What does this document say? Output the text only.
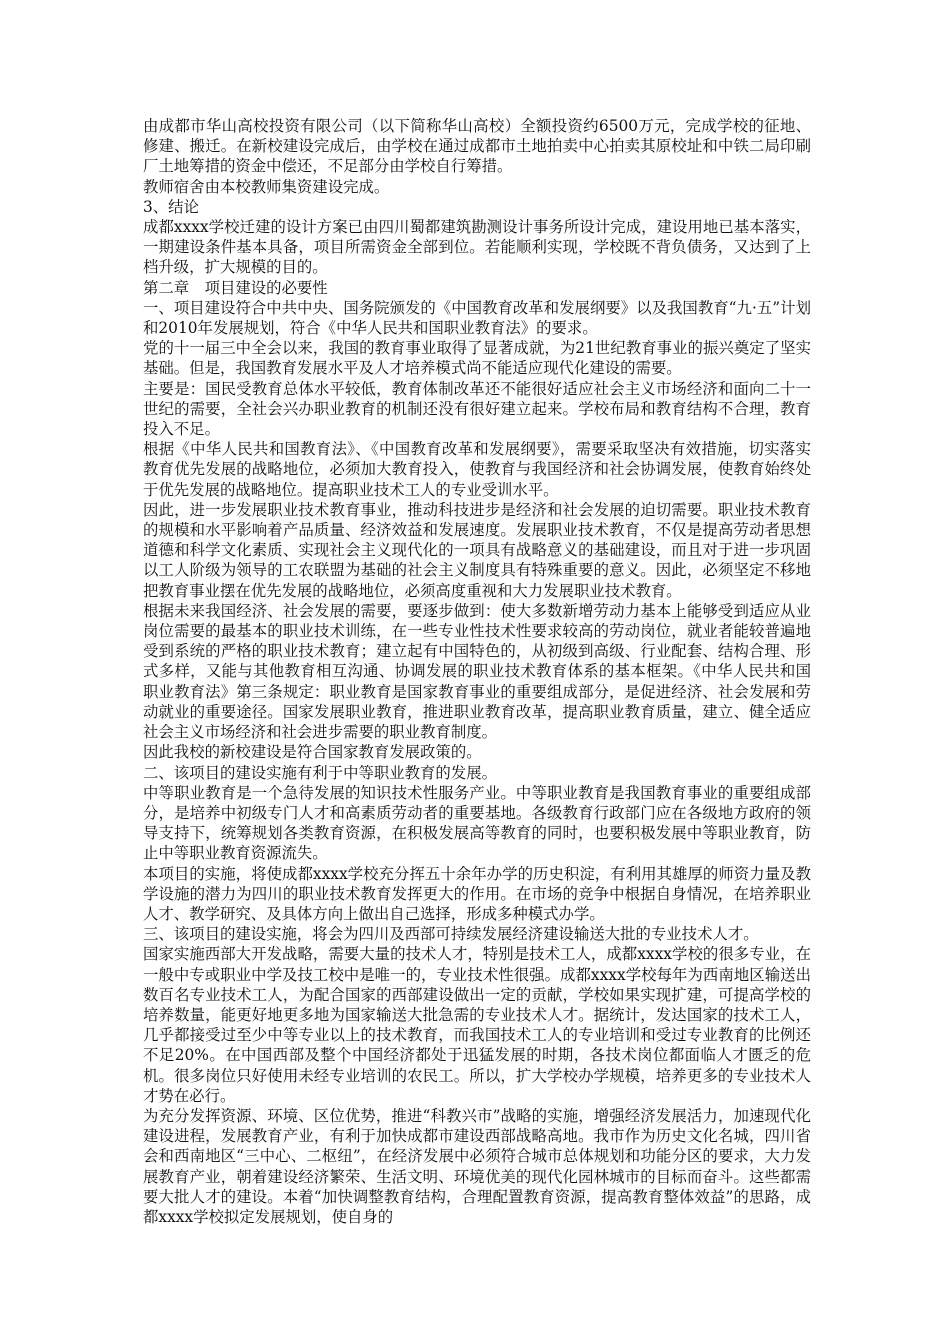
由成都市华山高校投资有限公司（以下简称华山高校）全额投资约6500万元，完成学校的征地、修建、搬迁。在新校建设完成后，由学校在通过成都市土地拍卖中心拍卖其原校址和中铁二局印刷厂土地筹措的资金中偿还，不足部分由学校自行筹措。

教师宿舍由本校教师集资建设完成。

3、结论

成都xxxx学校迁建的设计方案已由四川蜀都建筑勘测设计事务所设计完成，建设用地已基本落实，一期建设条件基本具备，项目所需资金全部到位。若能顺利实现，学校既不背负债务，又达到了上档升级，扩大规模的目的。

第二章　项目建设的必要性

一、项目建设符合中共中央、国务院颁发的《中国教育改革和发展纲要》以及我国教育“九·五”计划和2010年发展规划，符合《中华人民共和国职业教育法》的要求。

党的十一届三中全会以来，我国的教育事业取得了显著成就，为21世纪教育事业的振兴奠定了坚实基础。但是，我国教育发展水平及人才培养模式尚不能适应现代化建设的需要。

主要是：国民受教育总体水平较低，教育体制改革还不能很好适应社会主义市场经济和面向二十一世纪的需要，全社会兴办职业教育的机制还没有很好建立起来。学校布局和教育结构不合理，教育投入不足。

根据《中华人民共和国教育法》、《中国教育改革和发展纲要》，需要采取坚决有效措施，切实落实教育优先发展的战略地位，必须加大教育投入，使教育与我国经济和社会协调发展，使教育始终处于优先发展的战略地位。提高职业技术工人的专业受训水平。

因此，进一步发展职业技术教育事业，推动科技进步是经济和社会发展的迫切需要。职业技术教育的规模和水平影响着产品质量、经济效益和发展速度。发展职业技术教育，不仅是提高劳动者思想道德和科学文化素质、实现社会主义现代化的一项具有战略意义的基础建设，而且对于进一步巩固以工人阶级为领导的工农联盟为基础的社会主义制度具有特殊重要的意义。因此，必须坚定不移地把教育事业摆在优先发展的战略地位，必须高度重视和大力发展职业技术教育。

根据未来我国经济、社会发展的需要，要逐步做到：使大多数新增劳动力基本上能够受到适应从业岗位需要的最基本的职业技术训练，在一些专业性技术性要求较高的劳动岗位，就业者能较普遍地受到系统的严格的职业技术教育；建立起有中国特色的，从初级到高级、行业配套、结构合理、形式多样，又能与其他教育相互沟通、协调发展的职业技术教育体系的基本框架。《中华人民共和国职业教育法》第三条规定：职业教育是国家教育事业的重要组成部分，是促进经济、社会发展和劳动就业的重要途径。国家发展职业教育，推进职业教育改革，提高职业教育质量，建立、健全适应社会主义市场经济和社会进步需要的职业教育制度。

因此我校的新校建设是符合国家教育发展政策的。

二、该项目的建设实施有利于中等职业教育的发展。

中等职业教育是一个急待发展的知识技术性服务产业。中等职业教育是我国教育事业的重要组成部分，是培养中初级专门人才和高素质劳动者的重要基地。各级教育行政部门应在各级地方政府的领导支持下，统筹规划各类教育资源，在积极发展高等教育的同时，也要积极发展中等职业教育，防止中等职业教育资源流失。

本项目的实施，将使成都xxxx学校充分挥五十余年办学的历史积淀，有利用其雄厚的师资力量及教学设施的潜力为四川的职业技术教育发挥更大的作用。在市场的竞争中根据自身情况，在培养职业人才、教学研究、及具体方向上做出自己选择，形成多种模式办学。

三、该项目的建设实施，将会为四川及西部可持续发展经济建设输送大批的专业技术人才。

国家实施西部大开发战略，需要大量的技术人才，特别是技术工人，成都xxxx学校的很多专业，在一般中专或职业中学及技工校中是唯一的，专业技术性很强。成都xxxx学校每年为西南地区输送出数百名专业技术工人，为配合国家的西部建设做出一定的贡献，学校如果实现扩建，可提高学校的培养数量，能更好地更多地为国家输送大批急需的专业技术人才。据统计，发达国家的技术工人，几乎都接受过至少中等专业以上的技术教育，而我国技术工人的专业培训和受过专业教育的比例还不足20%。在中国西部及整个中国经济都处于迅猛发展的时期，各技术岗位都面临人才匮乏的危机。很多岗位只好使用未经专业培训的农民工。所以，扩大学校办学规模，培养更多的专业技术人才势在必行。

为充分发挥资源、环境、区位优势，推进“科教兴市”战略的实施，增强经济发展活力，加速现代化建设进程，发展教育产业，有利于加快成都市建设西部战略高地。我市作为历史文化名城，四川省会和西南地区“三中心、二枢纽”，在经济发展中必须符合城市总体规划和功能分区的要求，大力发展教育产业，朝着建设经济繁荣、生活文明、环境优美的现代化园林城市的目标而奋斗。这些都需要大批人才的建设。本着“加快调整教育结构，合理配置教育资源，提高教育整体效益”的思路，成都xxxx学校拟定发展规划，使自身的
